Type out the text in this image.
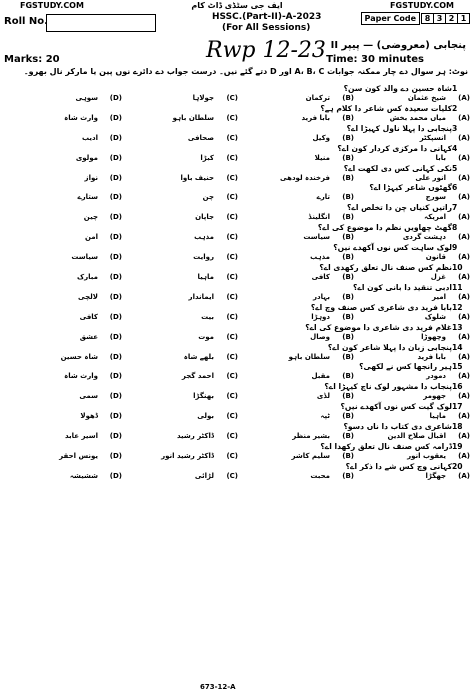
FGSTUDY.COM	ایف جی سٹڈی ڈاٹ کام	FGSTUDY.COM
Roll No.	HSSC.(Part-II)-A-2023
(For All Sessions)
Paper Code	8 3 2 1
Rwp 12-23 پنجابی (معروضی) — پیپر II
Marks: 20	Time: 30 minutes
نوٹ: ہر سوال دے چار ممکنہ جوابات A، B، C اور D دتے گئے نیں۔ درست جواب دے دائرے نوں پین یا مارکر نال بھرو۔
1شاہ حسین دے والد کون سن؟
(A)
شیخ عثمان
(B)
ترکمان
(C)
جولاہا
(D)
سوہی
2کلیات سعیدہ کس شاعر دا کلام ہے؟
(A)
میاں محمد بخش
(B)
بابا فرید
(C)
سلطان باہو
(D)
وارث شاہ
3پنجابی دا پہلا ناول کہیڑا اے؟
(A)
انسپکٹر
(B)
وکیل
(C)
صحافی
(D)
ادیب
4کہانی دا مرکزی کردار کون اے؟
(A)
بابا
(B)
منیلا
(C)
کبڑا
(D)
مولوی
5نکی کہانی کس دی لکھت اے؟
(A)
انور علی
(B)
فرخندہ لودھی
(C)
حنیف باوا
(D)
نواز
6گھٹوں شاعر کیہڑا اے؟
(A)
سورج
(B)
تارے
(C)
چن
(D)
ستارے
7راتیں کنیاں چن دا تخلص اے؟
(A)
امریکہ
(B)
انگلینڈ
(C)
جاپان
(D)
چین
8گھٹ چھاویں نظم دا موضوع کی اے؟
(A)
دہشت گردی
(B)
سیاست
(C)
مذہب
(D)
امن
9لوک ساہت کس نوں آکھدے نیں؟
(A)
قانون
(B)
مذہب
(C)
روایت
(D)
سیاست
10نظم کس صنف نال تعلق رکھدی اے؟
(A)
غزل
(B)
کافی
(C)
ماہیا
(D)
مبارک
11ادبی تنقید دا بانی کون اے؟
(A)
امیر
(B)
بہادر
(C)
ایماندار
(D)
لالچی
12بابا فرید دی شاعری کس صنف وچ اے؟
(A)
شلوک
(B)
دوہڑا
(C)
بیت
(D)
کافی
13غلام فرید دی شاعری دا موضوع کی اے؟
(A)
وچھوڑا
(B)
وصال
(C)
موت
(D)
عشق
14پنجابی زبان دا پہلا شاعر کون اے؟
(A)
بابا فرید
(B)
سلطان باہو
(C)
بلھے شاہ
(D)
شاہ حسین
15ہیر رانجھا کس نے لکھی؟
(A)
دمودر
(B)
مقبل
(C)
احمد گجر
(D)
وارث شاہ
16پنجاب دا مشہور لوک ناچ کیہڑا اے؟
(A)
جھومر
(B)
لڈی
(C)
بھنگڑا
(D)
سمی
17لوک گیت کس نوں آکھدے نیں؟
(A)
ماہیا
(B)
ٹپہ
(C)
بولی
(D)
ڈھولا
18شاعری دی کتاب دا ناں دسو؟
(A)
اقبال صلاح الدین
(B)
بشیر منظر
(C)
ڈاکٹر رشید
(D)
اسیر عابد
19ڈرامہ کس صنف نال تعلق رکھدا اے؟
(A)
یعقوب انور
(B)
سلیم کاشر
(C)
ڈاکٹر رشید انور
(D)
یونس احقر
20کہانی وچ کس شے دا ذکر اے؟
(A)
جھگڑا
(B)
محبت
(C)
لڑائی
(D)
ششیشہ
673-12-A
